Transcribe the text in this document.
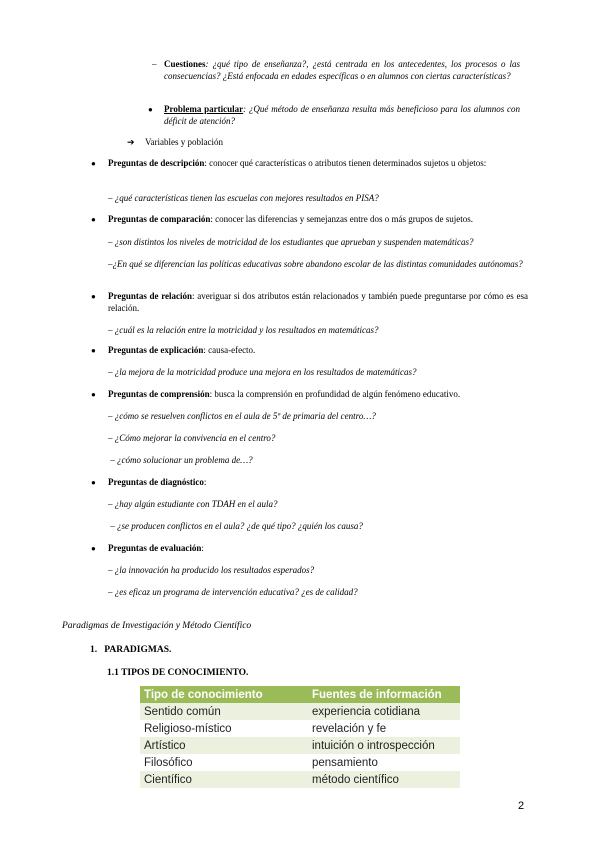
– Cuestiones: ¿qué tipo de enseñanza?, ¿está centrada en los antecedentes, los procesos o las consecuencias? ¿Está enfocada en edades específicas o en alumnos con ciertas características?
● Problema particular: ¿Qué método de enseñanza resulta más beneficioso para los alumnos con déficit de atención?
➔ Variables y población
● Preguntas de descripción: conocer qué características o atributos tienen determinados sujetos u objetos:
– ¿qué características tienen las escuelas con mejores resultados en PISA?
● Preguntas de comparación: conocer las diferencias y semejanzas entre dos o más grupos de sujetos.
– ¿son distintos los niveles de motricidad de los estudiantes que aprueban y suspenden matemáticas?
–¿En qué se diferencian las políticas educativas sobre abandono escolar de las distintas comunidades autónomas?
● Preguntas de relación: averiguar si dos atributos están relacionados y también puede preguntarse por cómo es esa relación.
– ¿cuál es la relación entre la motricidad y los resultados en matemáticas?
● Preguntas de explicación: causa-efecto.
– ¿la mejora de la motricidad produce una mejora en los resultados de matemáticas?
● Preguntas de comprensión: busca la comprensión en profundidad de algún fenómeno educativo.
– ¿cómo se resuelven conflictos en el aula de 5º de primaria del centro…?
– ¿Cómo mejorar la convivencia en el centro?
– ¿cómo solucionar un problema de…?
● Preguntas de diagnóstico:
– ¿hay algún estudiante con TDAH en el aula?
– ¿se producen conflictos en el aula? ¿de qué tipo? ¿quién los causa?
● Preguntas de evaluación:
– ¿la innovación ha producido los resultados esperados?
– ¿es eficaz un programa de intervención educativa? ¿es de calidad?
Paradigmas de Investigación y Método Científico
1.   PARADIGMAS.
1.1 TIPOS DE CONOCIMIENTO.
Tipo de conocimiento	Fuentes de información
Sentido común	experiencia cotidiana
Religioso-místico	revelación y fe
Artístico	intuición o introspección
Filosófico	pensamiento
Científico	método científico
2
